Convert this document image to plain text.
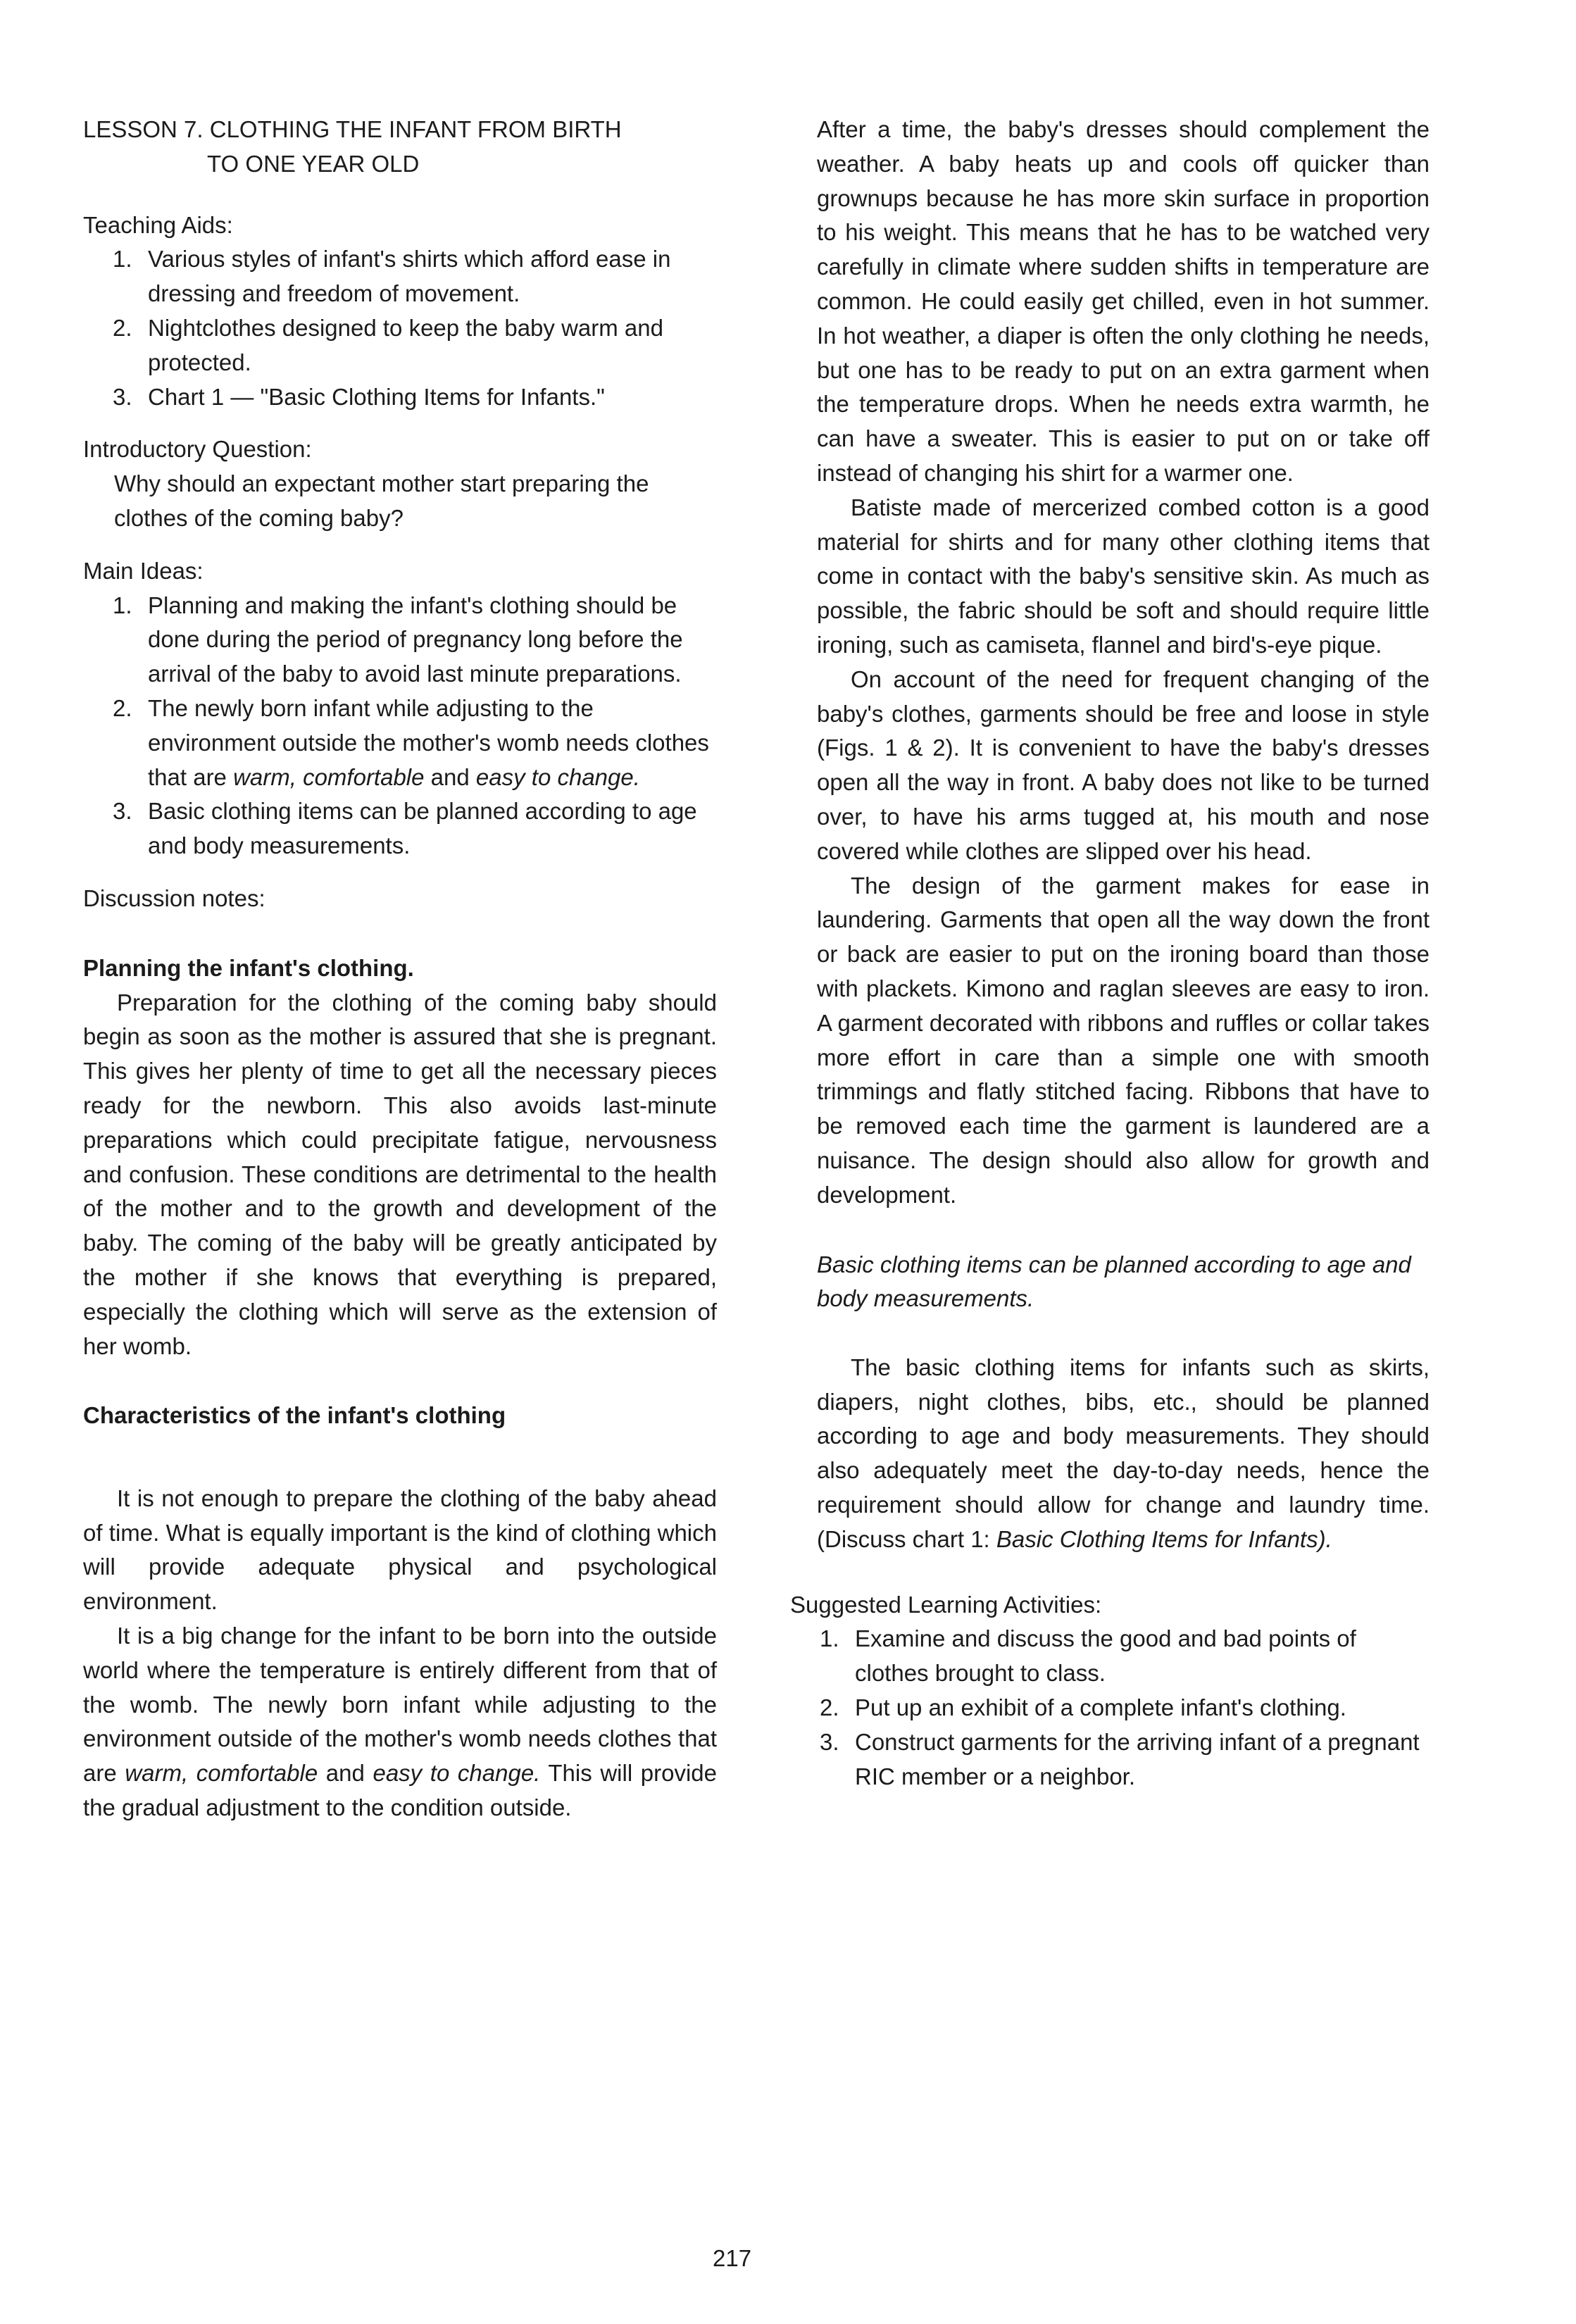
LESSON 7. CLOTHING THE INFANT FROM BIRTH
TO ONE YEAR OLD
Teaching Aids:
1. Various styles of infant's shirts which afford ease in dressing and freedom of movement.
2. Nightclothes designed to keep the baby warm and protected.
3. Chart 1 — "Basic Clothing Items for Infants."
Introductory Question:

Why should an expectant mother start preparing the clothes of the coming baby?

Main Ideas:
1. Planning and making the infant's clothing should be done during the period of pregnancy long before the arrival of the baby to avoid last minute preparations.
2. The newly born infant while adjusting to the environment outside the mother's womb needs clothes that are warm, comfortable and easy to change.
3. Basic clothing items can be planned according to age and body measurements.
Discussion notes:
Planning the infant's clothing.

Preparation for the clothing of the coming baby should begin as soon as the mother is assured that she is pregnant. This gives her plenty of time to get all the necessary pieces ready for the newborn. This also avoids last-minute preparations which could precipitate fatigue, nervousness and confusion. These conditions are detrimental to the health of the mother and to the growth and development of the baby. The coming of the baby will be greatly anticipated by the mother if she knows that everything is prepared, especially the clothing which will serve as the extension of her womb.

Characteristics of the infant's clothing

It is not enough to prepare the clothing of the baby ahead of time. What is equally important is the kind of clothing which will provide adequate physical and psychological environment.

It is a big change for the infant to be born into the outside world where the temperature is entirely different from that of the womb. The newly born infant while adjusting to the environment outside of the mother's womb needs clothes that are warm, comfortable and easy to change. This will provide the gradual adjustment to the condition outside.

After a time, the baby's dresses should complement the weather. A baby heats up and cools off quicker than grownups because he has more skin surface in proportion to his weight. This means that he has to be watched very carefully in climate where sudden shifts in temperature are common. He could easily get chilled, even in hot summer. In hot weather, a diaper is often the only clothing he needs, but one has to be ready to put on an extra garment when the temperature drops. When he needs extra warmth, he can have a sweater. This is easier to put on or take off instead of changing his shirt for a warmer one.

Batiste made of mercerized combed cotton is a good material for shirts and for many other clothing items that come in contact with the baby's sensitive skin. As much as possible, the fabric should be soft and should require little ironing, such as camiseta, flannel and bird's-eye pique.

On account of the need for frequent changing of the baby's clothes, garments should be free and loose in style (Figs. 1 & 2). It is convenient to have the baby's dresses open all the way in front. A baby does not like to be turned over, to have his arms tugged at, his mouth and nose covered while clothes are slipped over his head.

The design of the garment makes for ease in laundering. Garments that open all the way down the front or back are easier to put on the ironing board than those with plackets. Kimono and raglan sleeves are easy to iron. A garment decorated with ribbons and ruffles or collar takes more effort in care than a simple one with smooth trimmings and flatly stitched facing. Ribbons that have to be removed each time the garment is laundered are a nuisance. The design should also allow for growth and development.

Basic clothing items can be planned according to age and body measurements.

The basic clothing items for infants such as skirts, diapers, night clothes, bibs, etc., should be planned according to age and body measurements. They should also adequately meet the day-to-day needs, hence the requirement should allow for change and laundry time. (Discuss chart 1: Basic Clothing Items for Infants).

Suggested Learning Activities:
1. Examine and discuss the good and bad points of clothes brought to class.
2. Put up an exhibit of a complete infant's clothing.
3. Construct garments for the arriving infant of a pregnant RIC member or a neighbor.
217
